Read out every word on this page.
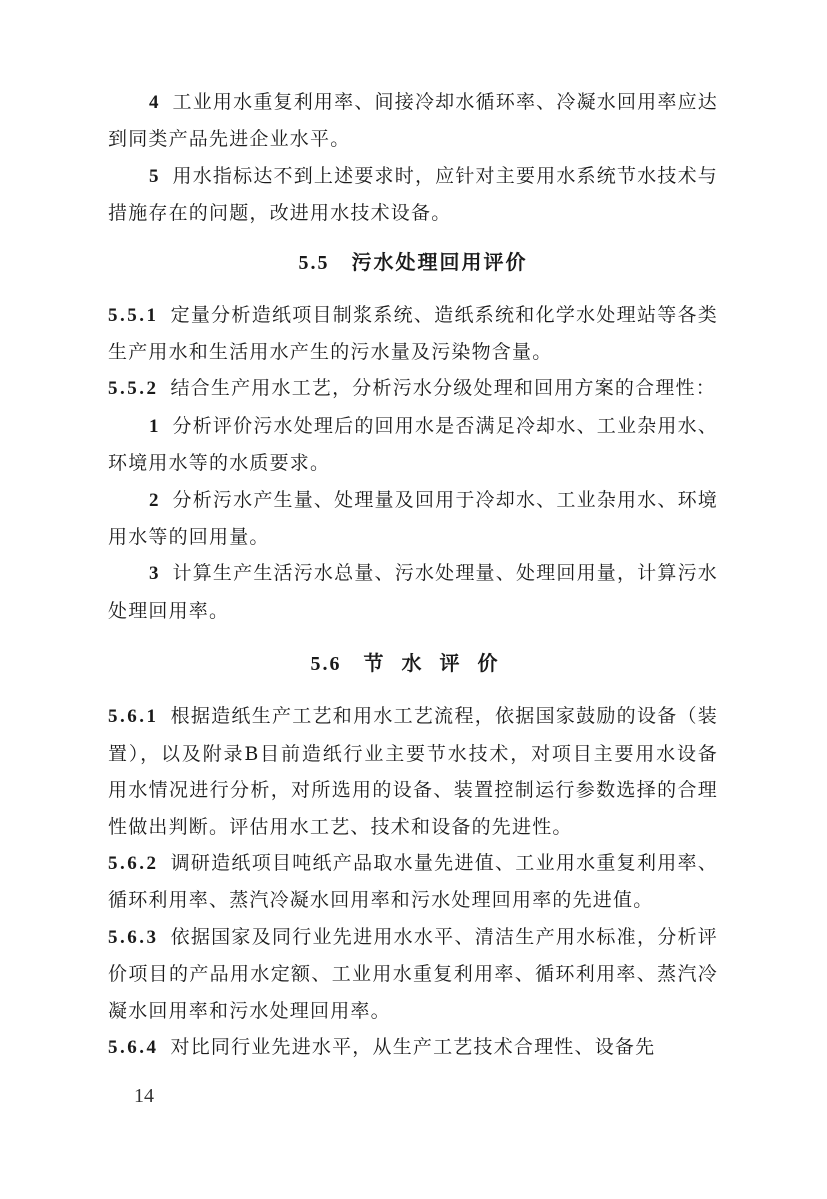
4 工业用水重复利用率、间接冷却水循环率、冷凝水回用率应达到同类产品先进企业水平。

5 用水指标达不到上述要求时，应针对主要用水系统节水技术与措施存在的问题，改进用水技术设备。

5.5 污水处理回用评价

5.5.1 定量分析造纸项目制浆系统、造纸系统和化学水处理站等各类生产用水和生活用水产生的污水量及污染物含量。

5.5.2 结合生产用水工艺，分析污水分级处理和回用方案的合理性：

1 分析评价污水处理后的回用水是否满足冷却水、工业杂用水、环境用水等的水质要求。

2 分析污水产生量、处理量及回用于冷却水、工业杂用水、环境用水等的回用量。

3 计算生产生活污水总量、污水处理量、处理回用量，计算污水处理回用率。

5.6 节水评价

5.6.1 根据造纸生产工艺和用水工艺流程，依据国家鼓励的设备（装置），以及附录B目前造纸行业主要节水技术，对项目主要用水设备用水情况进行分析，对所选用的设备、装置控制运行参数选择的合理性做出判断。评估用水工艺、技术和设备的先进性。

5.6.2 调研造纸项目吨纸产品取水量先进值、工业用水重复利用率、循环利用率、蒸汽冷凝水回用率和污水处理回用率的先进值。

5.6.3 依据国家及同行业先进用水水平、清洁生产用水标准，分析评价项目的产品用水定额、工业用水重复利用率、循环利用率、蒸汽冷凝水回用率和污水处理回用率。

5.6.4 对比同行业先进水平，从生产工艺技术合理性、设备先

14
